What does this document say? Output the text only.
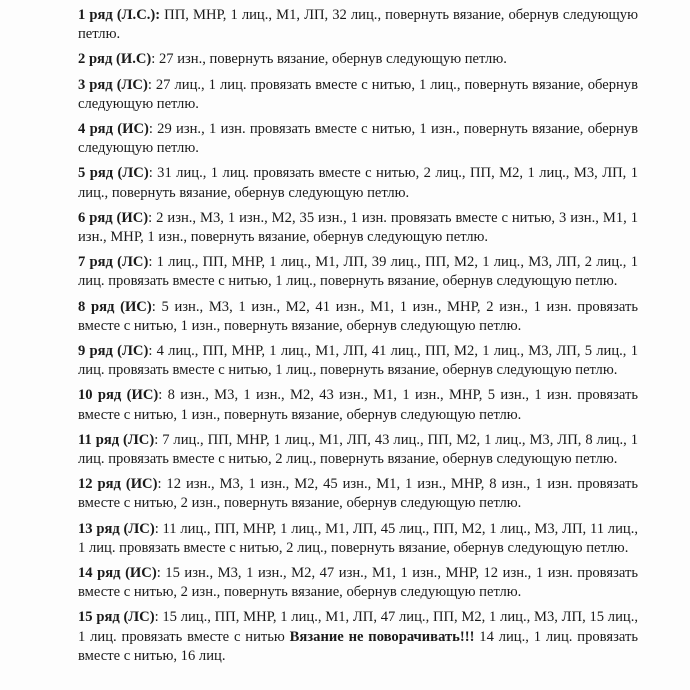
1 ряд (Л.С.): ПП, МНР, 1 лиц., М1, ЛП, 32 лиц., повернуть вязание, обернув следующую петлю.

2 ряд (И.С): 27 изн., повернуть вязание, обернув следующую петлю.

3 ряд (ЛС): 27 лиц., 1 лиц. провязать вместе с нитью, 1 лиц., повернуть вязание, обернув следующую петлю.

4 ряд (ИС): 29 изн., 1 изн. провязать вместе с нитью, 1 изн., повернуть вязание, обернув следующую петлю.

5 ряд (ЛС): 31 лиц., 1 лиц. провязать вместе с нитью, 2 лиц., ПП, М2, 1 лиц., М3, ЛП, 1 лиц., повернуть вязание, обернув следующую петлю.

6 ряд (ИС): 2 изн., М3, 1 изн., М2, 35 изн., 1 изн. провязать вместе с нитью, 3 изн., М1, 1 изн., МНР, 1 изн., повернуть вязание, обернув следующую петлю.

7 ряд (ЛС): 1 лиц., ПП, МНР, 1 лиц., М1, ЛП, 39 лиц., ПП, М2, 1 лиц., М3, ЛП, 2 лиц., 1 лиц. провязать вместе с нитью, 1 лиц., повернуть вязание, обернув следующую петлю.

8 ряд (ИС): 5 изн., М3, 1 изн., М2, 41 изн., М1, 1 изн., МНР, 2 изн., 1 изн. провязать вместе с нитью, 1 изн., повернуть вязание, обернув следующую петлю.

9 ряд (ЛС): 4 лиц., ПП, МНР, 1 лиц., М1, ЛП, 41 лиц., ПП, М2, 1 лиц., М3, ЛП, 5 лиц., 1 лиц. провязать вместе с нитью, 1 лиц., повернуть вязание, обернув следующую петлю.

10 ряд (ИС): 8 изн., М3, 1 изн., М2, 43 изн., М1, 1 изн., МНР, 5 изн., 1 изн. провязать вместе с нитью, 1 изн., повернуть вязание, обернув следующую петлю.

11 ряд (ЛС): 7 лиц., ПП, МНР, 1 лиц., М1, ЛП, 43 лиц., ПП, М2, 1 лиц., М3, ЛП, 8 лиц., 1 лиц. провязать вместе с нитью, 2 лиц., повернуть вязание, обернув следующую петлю.

12 ряд (ИС): 12 изн., М3, 1 изн., М2, 45 изн., М1, 1 изн., МНР, 8 изн., 1 изн. провязать вместе с нитью, 2 изн., повернуть вязание, обернув следующую петлю.

13 ряд (ЛС): 11 лиц., ПП, МНР, 1 лиц., М1, ЛП, 45 лиц., ПП, М2, 1 лиц., М3, ЛП, 11 лиц., 1 лиц. провязать вместе с нитью, 2 лиц., повернуть вязание, обернув следующую петлю.

14 ряд (ИС): 15 изн., М3, 1 изн., М2, 47 изн., М1, 1 изн., МНР, 12 изн., 1 изн. провязать вместе с нитью, 2 изн., повернуть вязание, обернув следующую петлю.

15 ряд (ЛС): 15 лиц., ПП, МНР, 1 лиц., М1, ЛП, 47 лиц., ПП, М2, 1 лиц., М3, ЛП, 15 лиц., 1 лиц. провязать вместе с нитью Вязание не поворачивать!!! 14 лиц., 1 лиц. провязать вместе с нитью, 16 лиц.
